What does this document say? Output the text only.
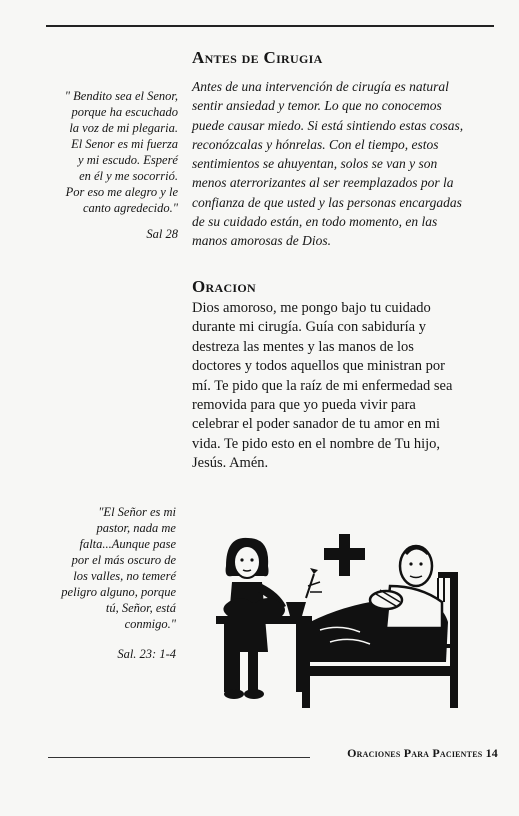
" Bendito sea el Senor,
porque ha escuchado
la voz de mi plegaria.
El Senor es mi fuerza
y mi escudo. Esperé
en él y me socorrió.
Por eso me alegro y le
canto agredecido."
Sal 28
"El Señor es mi
pastor, nada me
falta...Aunque pase
por el más oscuro de
los valles, no temeré
peligro alguno, porque
tú, Señor, está
conmigo."
Sal. 23: 1-4
Antes de Cirugia
Antes de una intervención de cirugía es natural
sentir ansiedad y temor. Lo que no conocemos
puede causar miedo. Si está sintiendo estas cosas,
reconózcalas y hónrelas. Con el tiempo, estos
sentimientos se ahuyentan, solos se van y son
menos aterrorizantes al ser reemplazados por la
confianza de que usted y las personas encargadas
de su cuidado están, en todo momento, en las
manos amorosas de Dios.
Oracion
Dios amoroso, me pongo bajo tu cuidado
durante mi cirugía. Guía con sabiduría y
destreza las mentes y las manos de los
doctores y todos aquellos que ministran por
mí. Te pido que la raíz de mi enfermedad sea
removida para que yo pueda vivir para
celebrar el poder sanador de tu amor en mi
vida. Te pido esto en el nombre de Tu hijo,
Jesús. Amén.
Oraciones Para Pacientes 14
